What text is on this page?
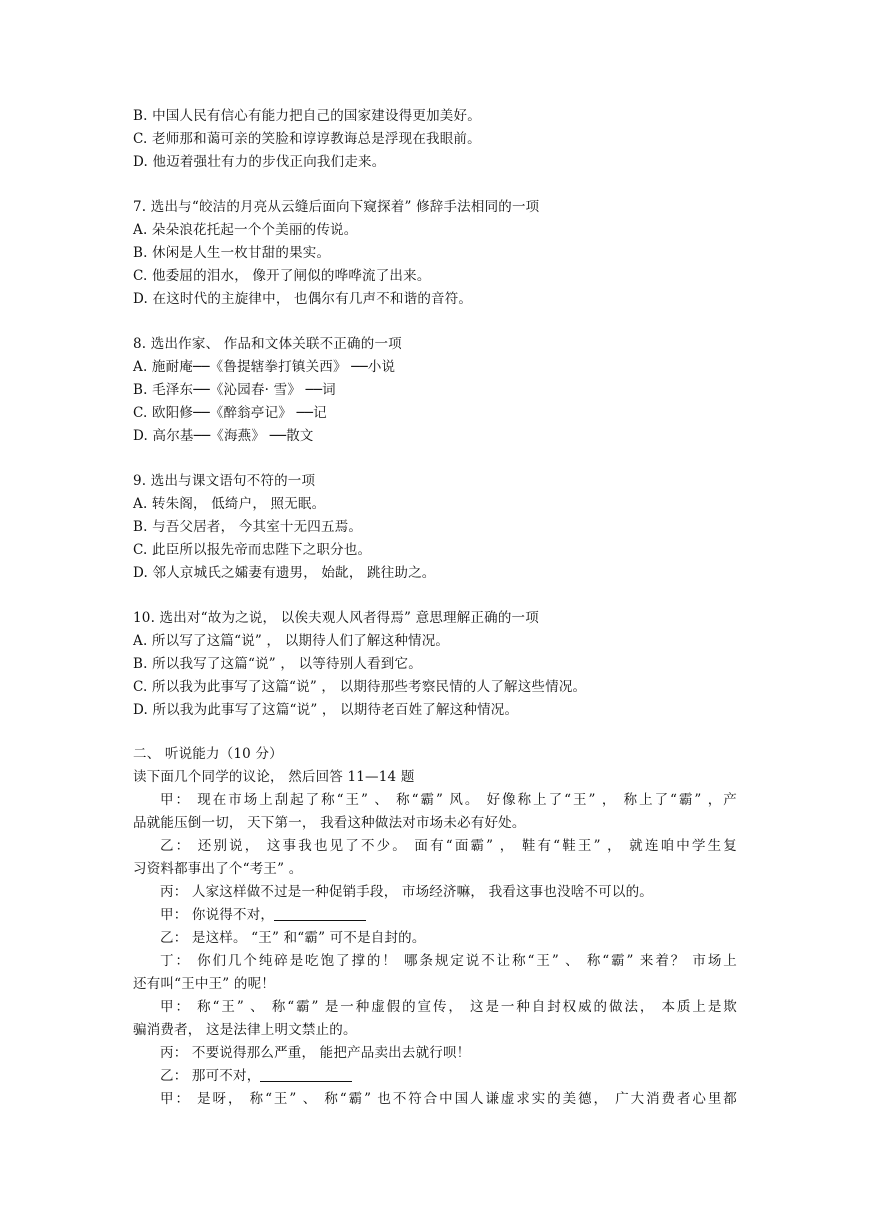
B. 中国人民有信心有能力把自己的国家建设得更加美好。
C. 老师那和蔼可亲的笑脸和谆谆教诲总是浮现在我眼前。
D. 他迈着强壮有力的步伐正向我们走来。
7. 选出与“皎洁的月亮从云缝后面向下窥探着” 修辞手法相同的一项
A. 朵朵浪花托起一个个美丽的传说。
B. 休闲是人生一枚甘甜的果实。
C. 他委屈的泪水， 像开了闸似的哗哗流了出来。
D. 在这时代的主旋律中， 也偶尔有几声不和谐的音符。
8. 选出作家、 作品和文体关联不正确的一项
A. 施耐庵──《鲁提辖拳打镇关西》 ──小说
B. 毛泽东──《沁园春· 雪》 ──词
C. 欧阳修──《醉翁亭记》 ──记
D. 高尔基──《海燕》 ──散文
9. 选出与课文语句不符的一项
A. 转朱阁， 低绮户， 照无眠。
B. 与吾父居者， 今其室十无四五焉。
C. 此臣所以报先帝而忠陛下之职分也。
D. 邻人京城氏之孀妻有遗男， 始龀， 跳往助之。
10. 选出对“故为之说， 以俟夫观人风者得焉” 意思理解正确的一项
A. 所以写了这篇“说” ， 以期待人们了解这种情况。
B. 所以我写了这篇“说” ， 以等待别人看到它。
C. 所以我为此事写了这篇“说” ， 以期待那些考察民情的人了解这些情况。
D. 所以我为此事写了这篇“说” ， 以期待老百姓了解这种情况。
二、 听说能力（10 分）
读下面几个同学的议论， 然后回答 11—14 题
甲： 现在市场上刮起了称“王” 、 称“霸” 风。 好像称上了“王” ， 称上了“霸” ，产
品就能压倒一切， 天下第一， 我看这种做法对市场未必有好处。
乙： 还别说， 这事我也见了不少。 面有“面霸” ， 鞋有“鞋王” ， 就连咱中学生复
习资料都事出了个“考王” 。
丙： 人家这样做不过是一种促销手段， 市场经济嘛， 我看这事也没啥不可以的。
甲： 你说得不对，
乙： 是这样。 “王” 和“霸” 可不是自封的。
丁： 你们几个纯碎是吃饱了撑的！ 哪条规定说不让称“王” 、 称“霸” 来着？ 市场上
还有叫“王中王” 的呢！
甲： 称“王” 、 称“霸” 是一种虚假的宣传， 这是一种自封权威的做法， 本质上是欺
骗消费者， 这是法律上明文禁止的。
丙： 不要说得那么严重， 能把产品卖出去就行呗！
乙： 那可不对，
甲： 是呀， 称“王” 、 称“霸” 也不符合中国人谦虚求实的美德， 广大消费者心里都
